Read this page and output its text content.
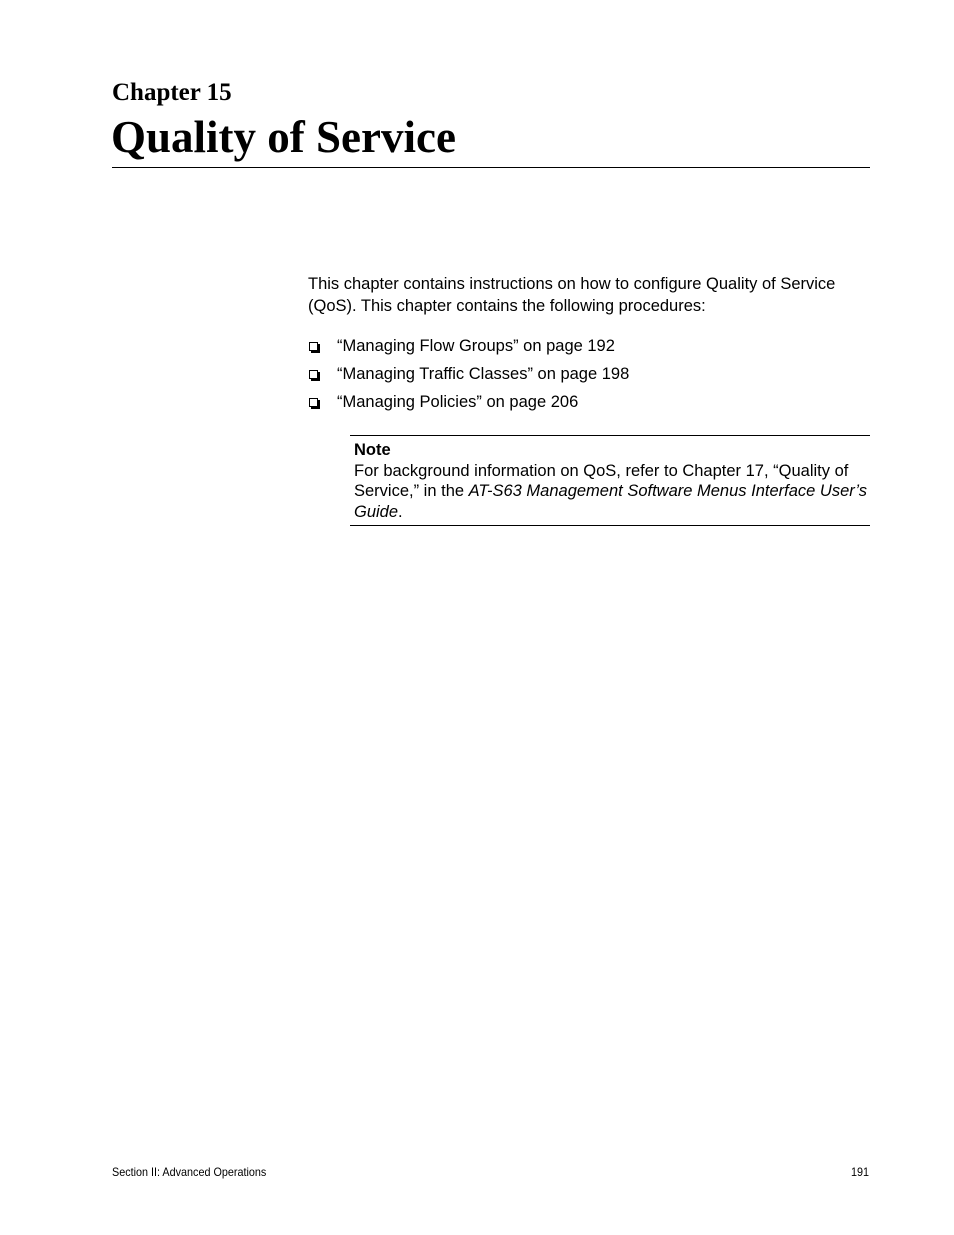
Chapter 15
Quality of Service

This chapter contains instructions on how to configure Quality of Service (QoS). This chapter contains the following procedures:

“Managing Flow Groups” on page 192
“Managing Traffic Classes” on page 198
“Managing Policies” on page 206
Note
For background information on QoS, refer to Chapter 17, “Quality of Service,” in the AT-S63 Management Software Menus Interface User’s Guide.
Section II: Advanced Operations	191
